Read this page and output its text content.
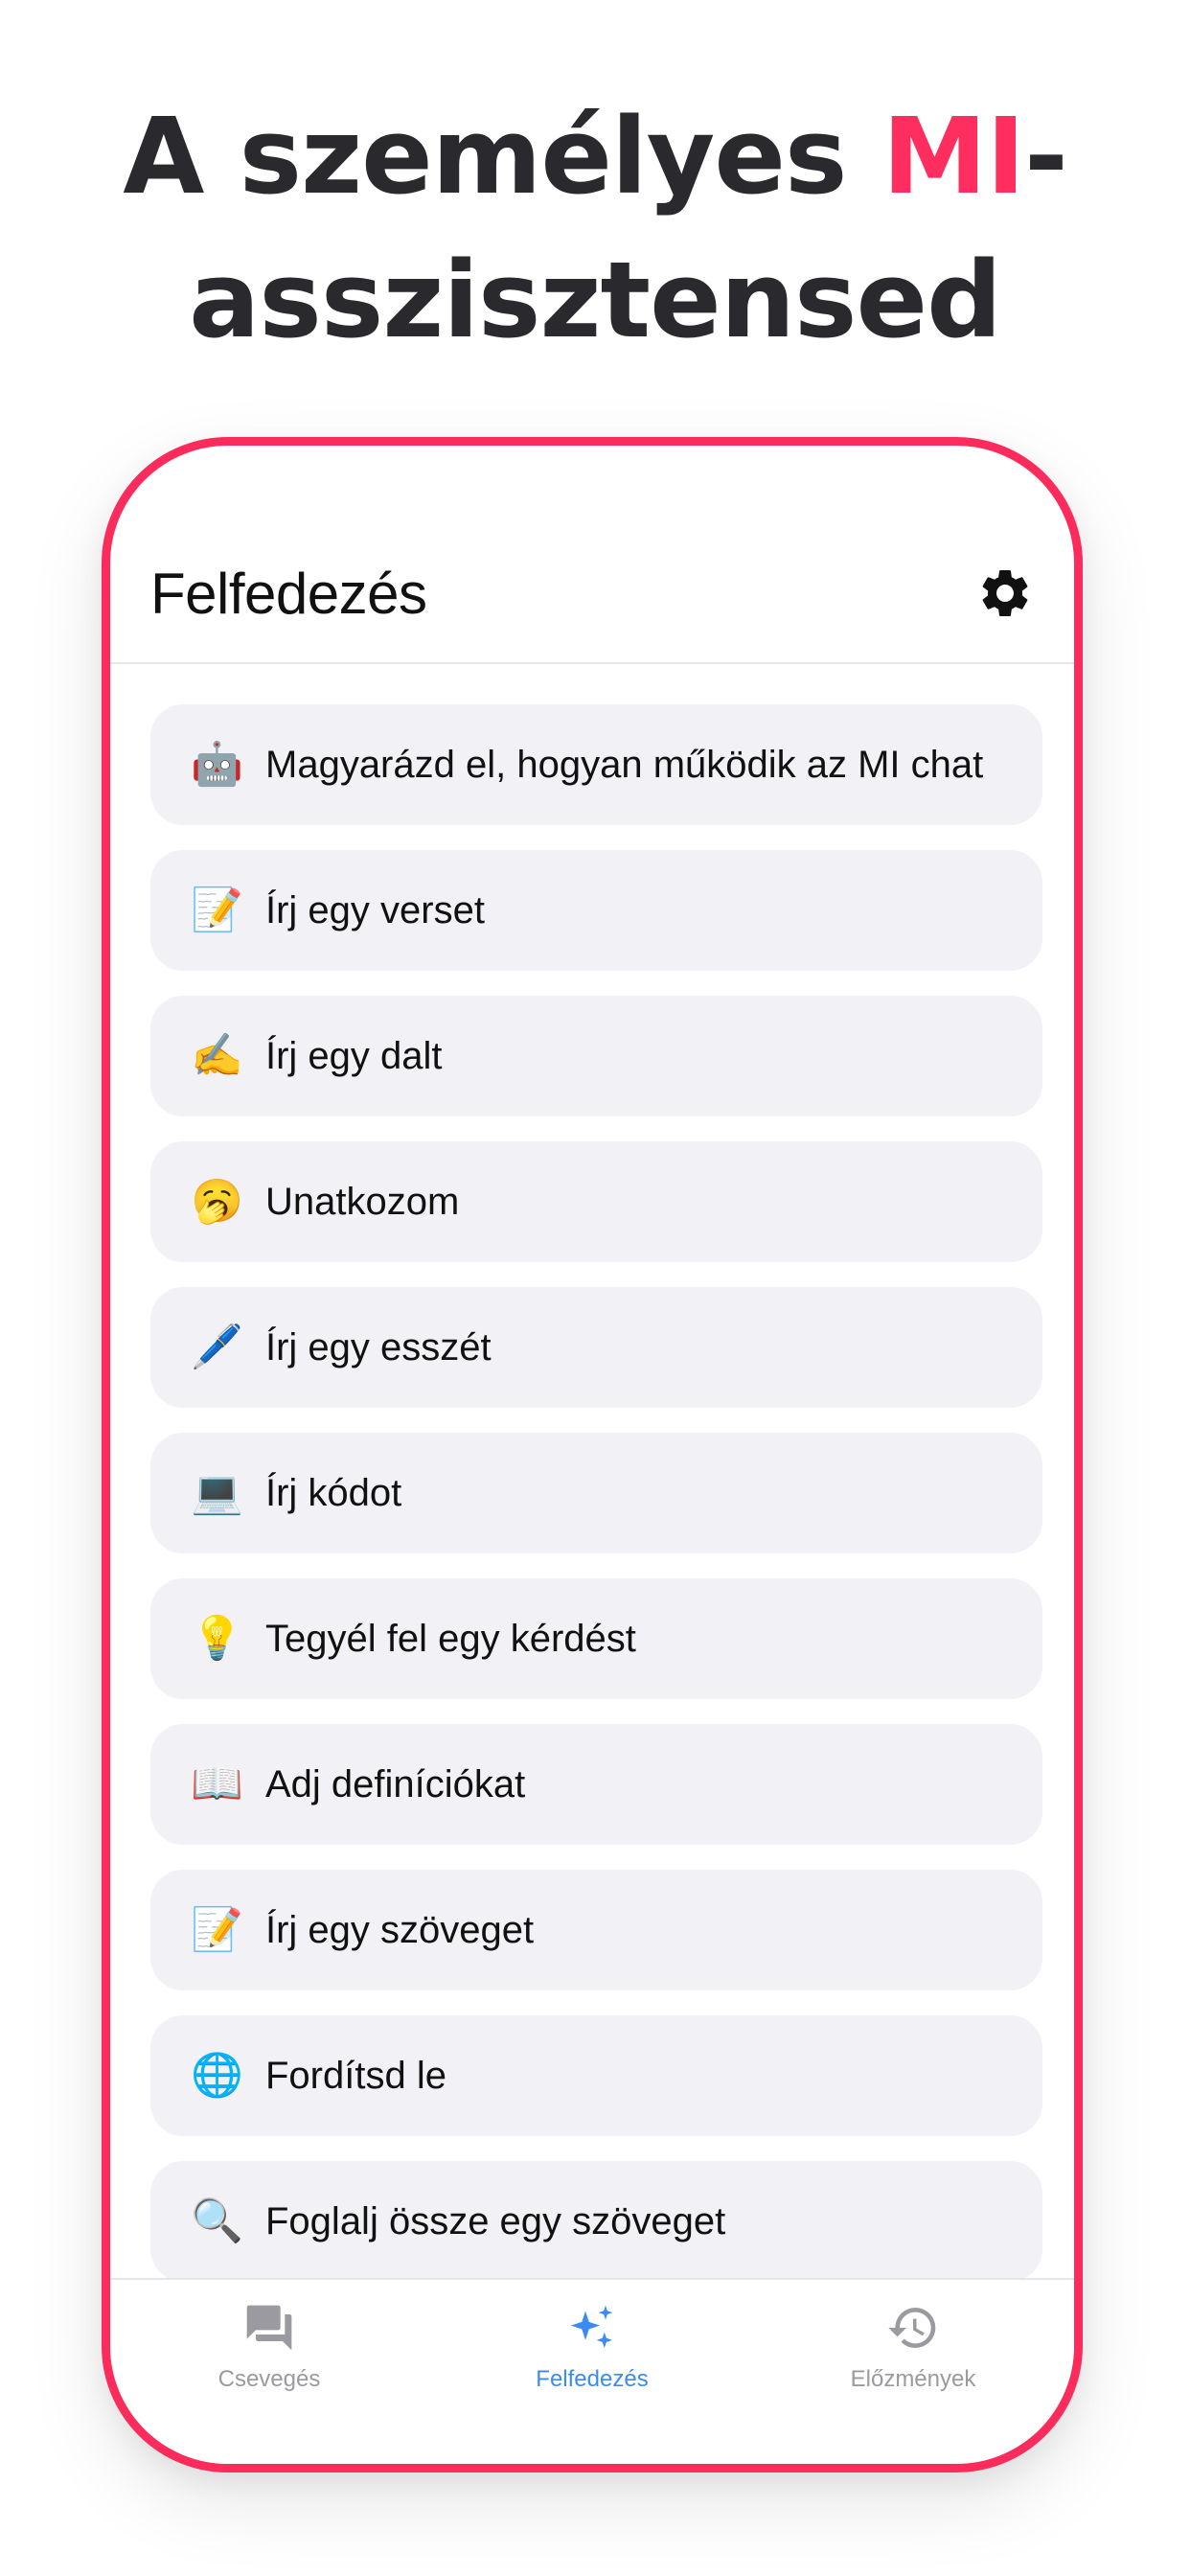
A személyes MI-
asszisztensed
Felfedezés
🤖 Magyarázd el, hogyan működik az MI chat
📝 Írj egy verset
✍️ Írj egy dalt
🥱 Unatkozom
🖊️ Írj egy esszét
💻 Írj kódot
💡 Tegyél fel egy kérdést
📖 Adj definíciókat
📝 Írj egy szöveget
🌐 Fordítsd le
🔍 Foglalj össze egy szöveget
Csevegés	Felfedezés	Előzmények
